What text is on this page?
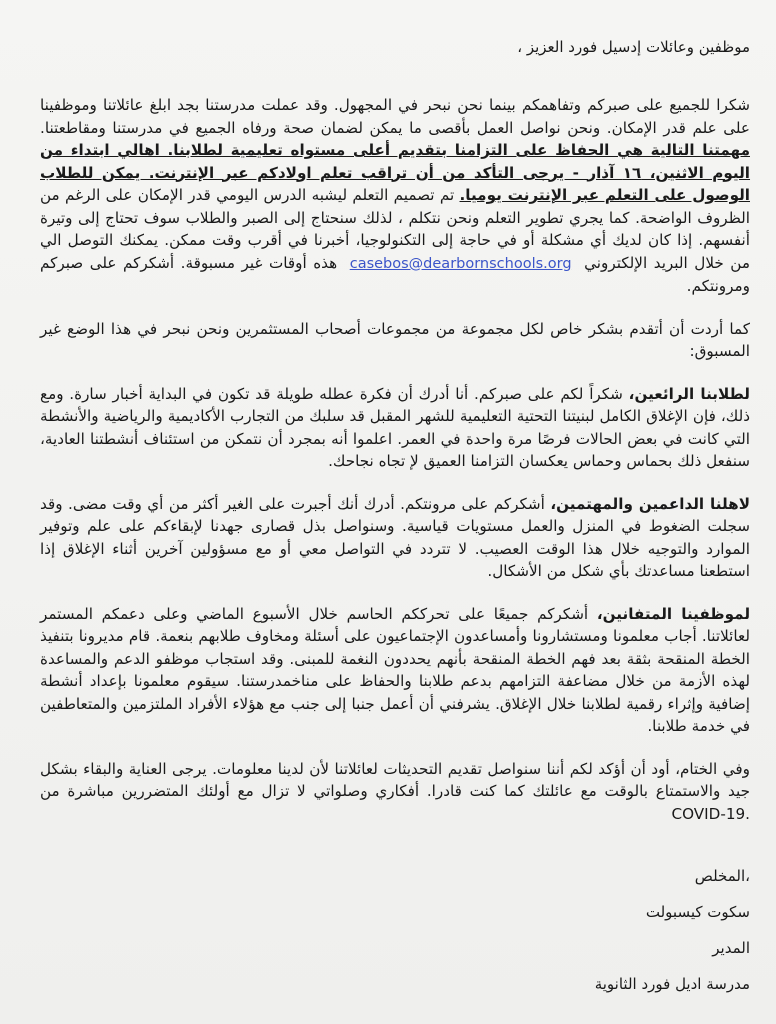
موظفين وعائلات إدسيل فورد العزيز ،

شكرا للجميع على صبركم وتفاهمكم بينما نحن نبحر في المجهول. وقد عملت مدرستنا بجد ابلغ عائلاتنا وموظفينا على علم قدر الإمكان. ونحن نواصل العمل بأقصى ما يمكن لضمان صحة ورفاه الجميع في مدرستنا ومقاطعتنا. مهمتنا التالية هي الحفاظ على التزامنا بتقديم أعلى مستواه تعليمية لطلابنا. اهالي ابتداء من اليوم الاثنين، ١٦ آذار - يرجى التأكد من أن تراقب تعلم اولادكم عبر الإنترنت. يمكن للطلاب الوصول على التعلم عبر الإنترنت يوميا. تم تصميم التعلم ليشبه الدرس اليومي قدر الإمكان على الرغم من الظروف الواضحة. كما يجري تطوير التعلم ونحن نتكلم ، لذلك سنحتاج إلى الصبر والطلاب سوف تحتاج إلى وتيرة أنفسهم. إذا كان لديك أي مشكلة أو في حاجة إلى التكنولوجيا، أخبرنا في أقرب وقت ممكن. يمكنك التوصل الي من خلال البريد الإلكتروني casebos@dearbornschools.org هذه أوقات غير مسبوقة. أشكركم على صبركم ومرونتكم.

كما أردت أن أتقدم بشكر خاص لكل مجموعة من مجموعات أصحاب المستثمرين ونحن نبحر في هذا الوضع غير المسبوق:

لطلابنا الرائعين، شكراً لكم على صبركم. أنا أدرك أن فكرة عطله طويلة قد تكون في البداية أخبار سارة. ومع ذلك، فإن الإغلاق الكامل لبنيتنا التحتية التعليمية للشهر المقبل قد سلبك من التجارب الأكاديمية والرياضية والأنشطة التي كانت في بعض الحالات فرصًا مرة واحدة في العمر. اعلموا أنه بمجرد أن نتمكن من استئناف أنشطتنا العادية، سنفعل ذلك بحماس وحماس يعكسان التزامنا العميق لإ تجاه نجاحك.

لاهلنا الداعمين والمهتمين، أشكركم على مرونتكم. أدرك أنك أجبرت على الغير أكثر من أي وقت مضى. وقد سجلت الضغوط في المنزل والعمل مستويات قياسية. وسنواصل بذل قصارى جهدنا لإبقاءكم على علم وتوفير الموارد والتوجيه خلال هذا الوقت العصيب. لا تتردد في التواصل معي أو مع مسؤولين آخرين أثناء الإغلاق إذا استطعنا مساعدتك بأي شكل من الأشكال.

لموظفينا المتفانين، أشكركم جميعًا على تحرككم الحاسم خلال الأسبوع الماضي وعلى دعمكم المستمر لعائلاتنا. أجاب معلمونا ومستشارونا وأمساعدون الإجتماعيون على أسئلة ومخاوف طلابهم بنعمة. قام مديرونا بتنفيذ الخطة المنقحة بثقة بعد فهم الخطة المنقحة بأنهم يحددون النغمة للمبنى. وقد استجاب موظفو الدعم والمساعدة لهذه الأزمة من خلال مضاعفة التزامهم بدعم طلابنا والحفاظ على مناخمدرستنا. سيقوم معلمونا بإعداد أنشطة إضافية وإثراء رقمية لطلابنا خلال الإغلاق. يشرفني أن أعمل جنبا إلى جنب مع هؤلاء الأفراد الملتزمين والمتعاطفين في خدمة طلابنا.

وفي الختام، أود أن أؤكد لكم أننا سنواصل تقديم التحديثات لعائلاتنا لأن لدينا معلومات. يرجى العناية والبقاء بشكل جيد والاستمتاع بالوقت مع عائلتك كما كنت قادرا. أفكاري وصلواتي لا تزال مع أولئك المتضررين مباشرة من COVID-19.

،المخلص

سكوت كيسبولت

المدير

مدرسة اديل فورد الثانوية
